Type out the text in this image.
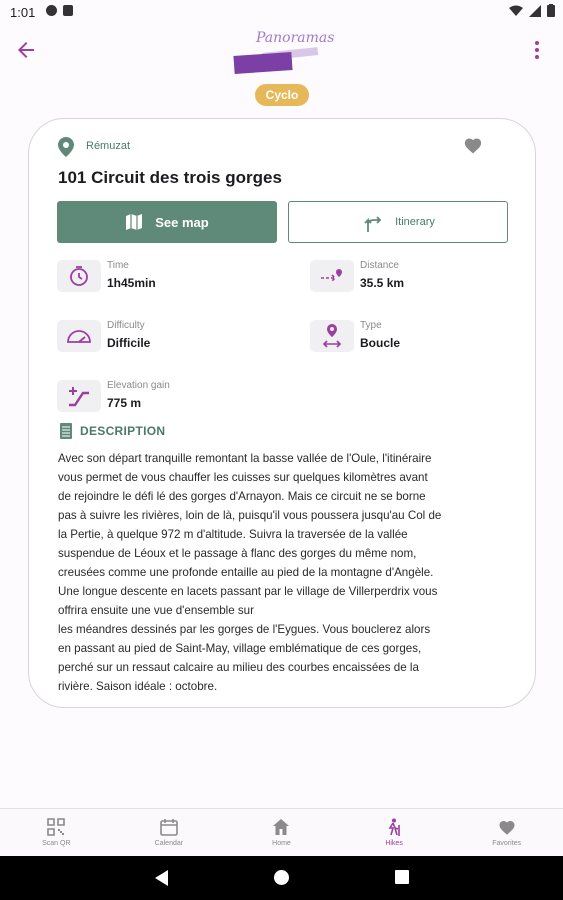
1:01
Panoramas
Cyclo
Rémuzat
101 Circuit des trois gorges
See map	Itinerary
Time
1h45min
Distance
35.5 km
Difficulty
Difficile
Type
Boucle
Elevation gain
775 m
DESCRIPTION
Avec son départ tranquille remontant la basse vallée de l'Oule, l'itinéraire
vous permet de vous chauffer les cuisses sur quelques kilomètres avant
de rejoindre le défi lé des gorges d'Arnayon. Mais ce circuit ne se borne
pas à suivre les rivières, loin de là, puisqu'il vous poussera jusqu'au Col de
la Pertie, à quelque 972 m d'altitude. Suivra la traversée de la vallée
suspendue de Léoux et le passage à flanc des gorges du même nom,
creusées comme une profonde entaille au pied de la montagne d'Angèle.
Une longue descente en lacets passant par le village de Villerperdrix vous
offrira ensuite une vue d'ensemble sur
les méandres dessinés par les gorges de l'Eygues. Vous bouclerez alors
en passant au pied de Saint-May, village emblématique de ces gorges,
perché sur un ressaut calcaire au milieu des courbes encaissées de la
rivière. Saison idéale : octobre.
Scan QR	Calendar	Home	Hikes	Favorites
